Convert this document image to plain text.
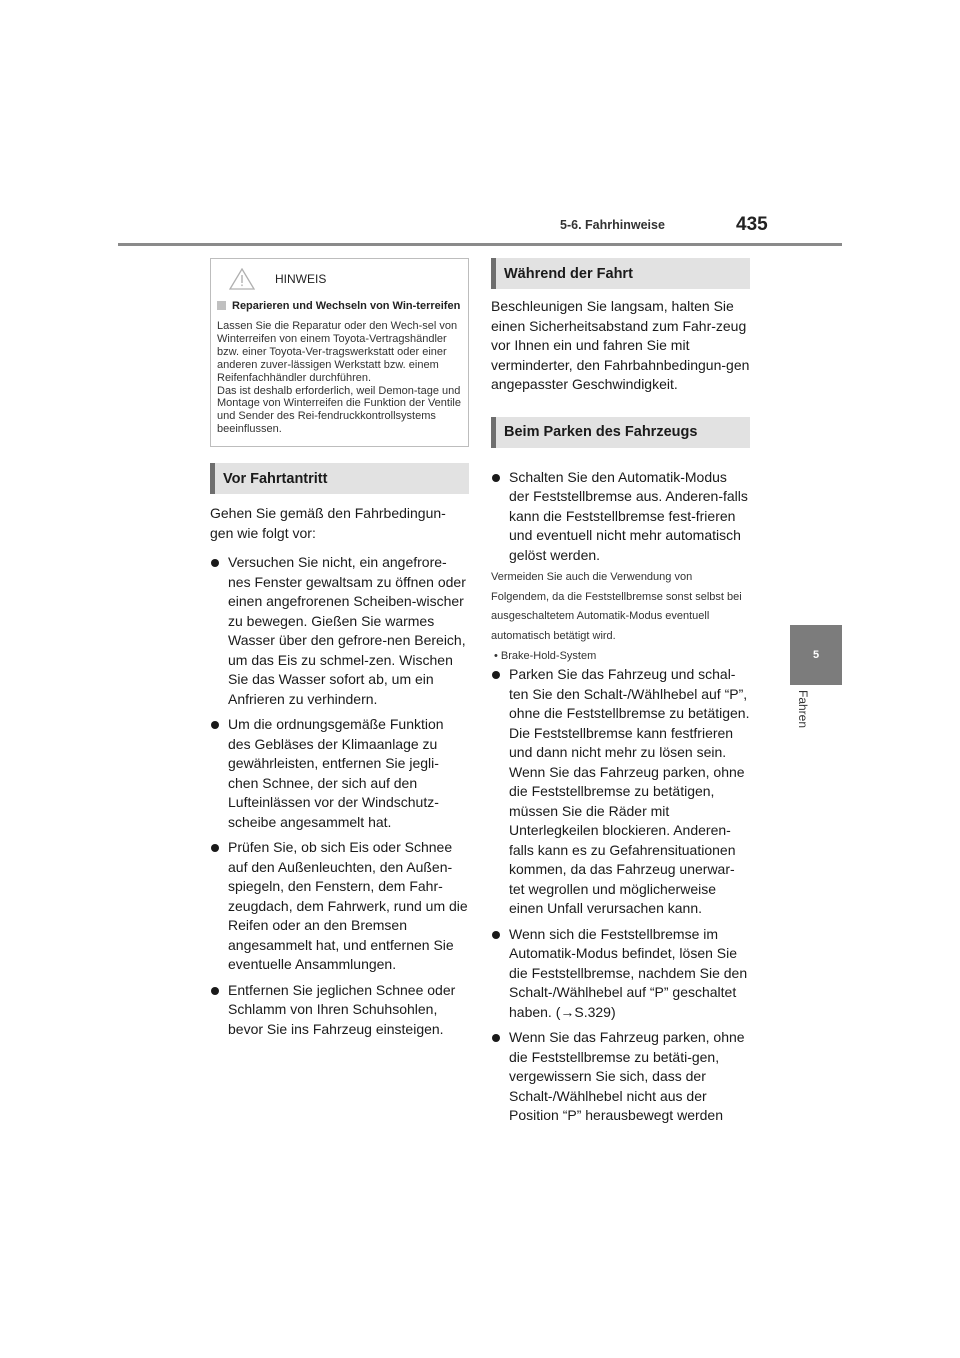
5-6. Fahrhinweise	435
5
Fahren
HINWEIS
Reparieren und Wechseln von Win-terreifen
Lassen Sie die Reparatur oder den Wech-sel von Winterreifen von einem Toyota-Vertragshändler bzw. einer Toyota-Ver-tragswerkstatt oder einer anderen zuver-lässigen Werkstatt bzw. einem Reifenfachhändler durchführen.
Das ist deshalb erforderlich, weil Demon-tage und Montage von Winterreifen die Funktion der Ventile und Sender des Rei-fendruckkontrollsystems beeinflussen.
Vor Fahrtantritt
Gehen Sie gemäß den Fahrbedingun-gen wie folgt vor:
Versuchen Sie nicht, ein angefrore-nes Fenster gewaltsam zu öffnen oder einen angefrorenen Scheiben-wischer zu bewegen. Gießen Sie warmes Wasser über den gefrore-nen Bereich, um das Eis zu schmel-zen. Wischen Sie das Wasser sofort ab, um ein Anfrieren zu verhindern.
Um die ordnungsgemäße Funktion des Gebläses der Klimaanlage zu gewährleisten, entfernen Sie jegli-chen Schnee, der sich auf den Lufteinlässen vor der Windschutz-scheibe angesammelt hat.
Prüfen Sie, ob sich Eis oder Schnee auf den Außenleuchten, den Außen-spiegeln, den Fenstern, dem Fahr-zeugdach, dem Fahrwerk, rund um die Reifen oder an den Bremsen angesammelt hat, und entfernen Sie eventuelle Ansammlungen.
Entfernen Sie jeglichen Schnee oder Schlamm von Ihren Schuhsohlen, bevor Sie ins Fahrzeug einsteigen.
Während der Fahrt
Beschleunigen Sie langsam, halten Sie einen Sicherheitsabstand zum Fahr-zeug vor Ihnen ein und fahren Sie mit verminderter, den Fahrbahnbedingun-gen angepasster Geschwindigkeit.
Beim Parken des Fahrzeugs
Schalten Sie den Automatik-Modus der Feststellbremse aus. Anderen-falls kann die Feststellbremse fest-frieren und eventuell nicht mehr automatisch gelöst werden.
Vermeiden Sie auch die Verwendung von Folgendem, da die Feststellbremse sonst selbst bei ausgeschaltetem Automatik-Modus eventuell automatisch betätigt wird.
• Brake-Hold-System
Parken Sie das Fahrzeug und schal-ten Sie den Schalt-/Wählhebel auf “P”, ohne die Feststellbremse zu betätigen. Die Feststellbremse kann festfrieren und dann nicht mehr zu lösen sein. Wenn Sie das Fahrzeug parken, ohne die Feststellbremse zu betätigen, müssen Sie die Räder mit Unterlegkeilen blockieren. Anderen-falls kann es zu Gefahrensituationen kommen, da das Fahrzeug unerwar-tet wegrollen und möglicherweise einen Unfall verursachen kann.
Wenn sich die Feststellbremse im Automatik-Modus befindet, lösen Sie die Feststellbremse, nachdem Sie den Schalt-/Wählhebel auf “P” geschaltet haben. (→S.329)
Wenn Sie das Fahrzeug parken, ohne die Feststellbremse zu betäti-gen, vergewissern Sie sich, dass der Schalt-/Wählhebel nicht aus der Position “P” herausbewegt werden
